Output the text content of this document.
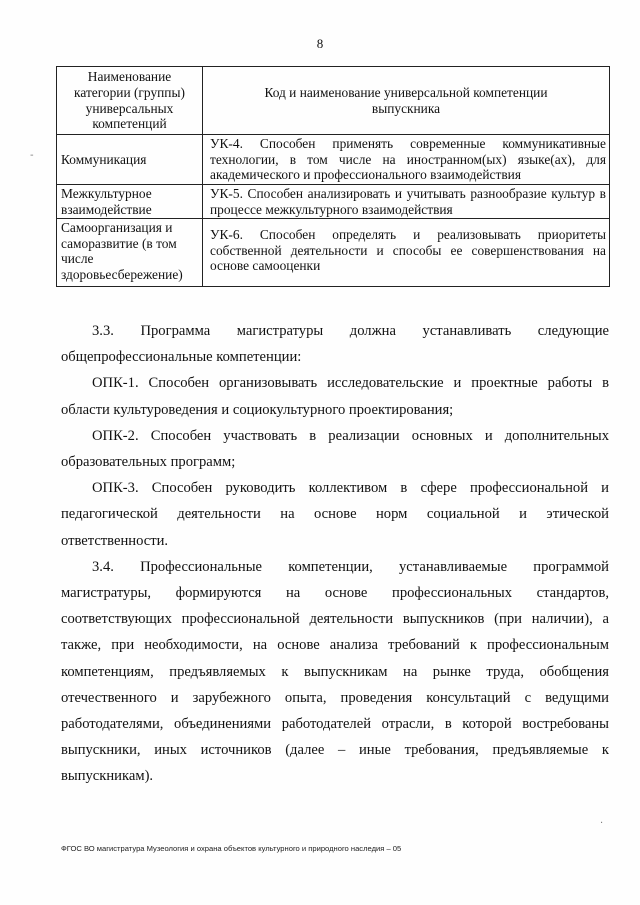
8
Наименование категории (группы) универсальных компетенций	Код и наименование универсальной компетенции выпускника
Коммуникация	УК-4. Способен применять современные коммуникативные технологии, в том числе на иностранном(ых) языке(ах), для академического и профессионального взаимодействия
Межкультурное взаимодействие	УК-5. Способен анализировать и учитывать разнообразие культур в процессе межкультурного взаимодействия
Самоорганизация и саморазвитие (в том числе здоровьесбережение)	УК-6. Способен определять и реализовывать приоритеты собственной деятельности и способы ее совершенствования на основе самооценки

3.3. Программа магистратуры должна устанавливать следующие общепрофессиональные компетенции:

ОПК-1. Способен организовывать исследовательские и проектные работы в области культуроведения и социокультурного проектирования;

ОПК-2. Способен участвовать в реализации основных и дополнительных образовательных программ;

ОПК-3. Способен руководить коллективом в сфере профессиональной и педагогической деятельности на основе норм социальной и этической ответственности.

3.4. Профессиональные компетенции, устанавливаемые программой магистратуры, формируются на основе профессиональных стандартов, соответствующих профессиональной деятельности выпускников (при наличии), а также, при необходимости, на основе анализа требований к профессиональным компетенциям, предъявляемых к выпускникам на рынке труда, обобщения отечественного и зарубежного опыта, проведения консультаций с ведущими работодателями, объединениями работодателей отрасли, в которой востребованы выпускники, иных источников (далее – иные требования, предъявляемые к выпускникам).

ФГОС ВО магистратура Музеология и охрана объектов культурного и природного наследия – 05
‑
·
